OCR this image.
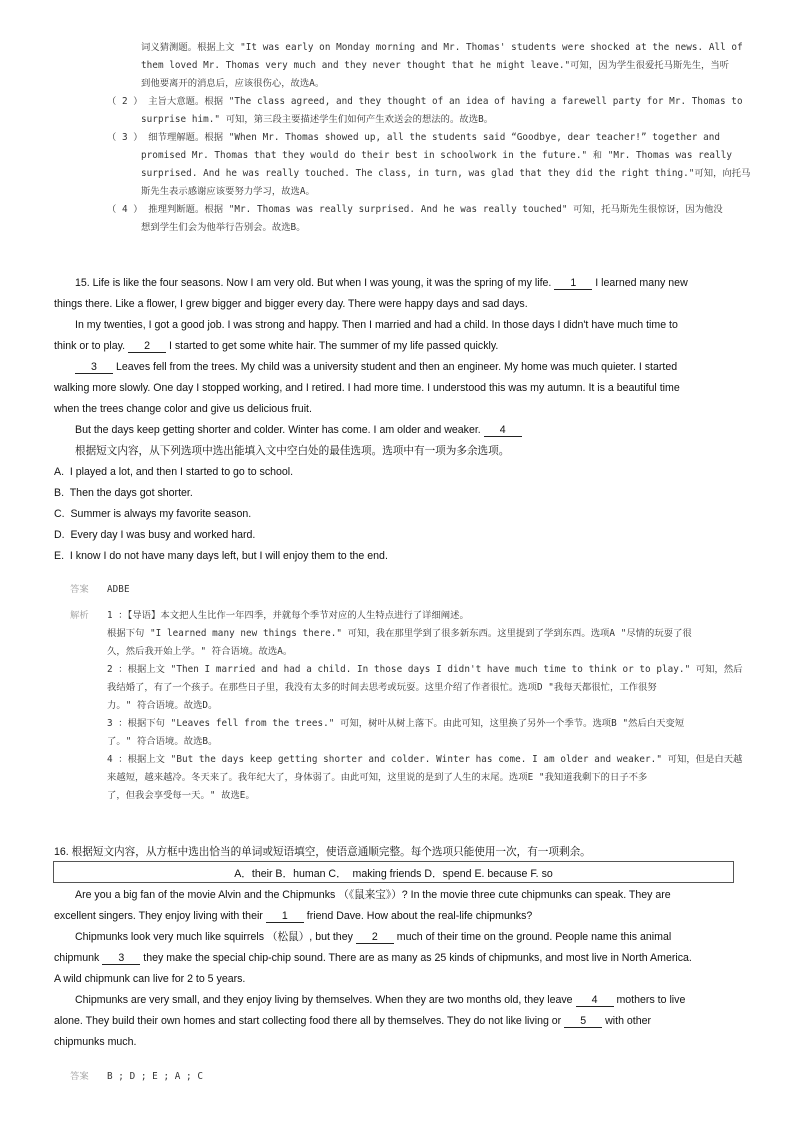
词义猜测题。根据上文 "It was early on Monday morning and Mr. Thomas' students were shocked at the news. All of
them loved Mr. Thomas very much and they never thought that he might leave."可知，因为学生很爱托马斯先生，当听
到他要离开的消息后，应该很伤心，故选A。
（ 2 ） 主旨大意题。根据 "The class agreed, and they thought of an idea of having a farewell party for Mr. Thomas to
surprise him." 可知，第三段主要描述学生们如何产生欢送会的想法的。故选B。
（ 3 ） 细节理解题。根据 "When Mr. Thomas showed up, all the students said “Goodbye, dear teacher!” together and
promised Mr. Thomas that they would do their best in schoolwork in the future." 和 "Mr. Thomas was really
surprised. And he was really touched. The class, in turn, was glad that they did the right thing."可知，向托马
斯先生表示感谢应该要努力学习，故选A。
（ 4 ） 推理判断题。根据 "Mr. Thomas was really surprised. And he was really touched" 可知，托马斯先生很惊讶，因为他没
想到学生们会为他举行告别会。故选B。
15. Life is like the four seasons. Now I am very old. But when I was young, it was the spring of my life. 1 I learned many new
things there. Like a flower, I grew bigger and bigger every day. There were happy days and sad days.
In my twenties, I got a good job. I was strong and happy. Then I married and had a child. In those days I didn't have much time to
think or to play. 2 I started to get some white hair. The summer of my life passed quickly.
3 Leaves fell from the trees. My child was a university student and then an engineer. My home was much quieter. I started
walking more slowly. One day I stopped working, and I retired. I had more time. I understood this was my autumn. It is a beautiful time
when the trees change color and give us delicious fruit.
But the days keep getting shorter and colder. Winter has come. I am older and weaker. 4
根据短文内容，从下列选项中选出能填入文中空白处的最佳选项。选项中有一项为多余选项。
A.  I played a lot, and then I started to go to school.
B.  Then the days got shorter.
C.  Summer is always my favorite season.
D.  Every day I was busy and worked hard.
E.  I know I do not have many days left, but I will enjoy them to the end.
答案 ADBE
解析 1 ：【导语】本文把人生比作一年四季，并就每个季节对应的人生特点进行了详细阐述。
根据下句 "I learned many new things there." 可知，我在那里学到了很多新东西。这里提到了学到东西。选项A "尽情的玩耍了很
久，然后我开始上学。" 符合语境。故选A。
2 ：根据上文 "Then I married and had a child. In those days I didn't have much time to think or to play." 可知，然后
我结婚了，有了一个孩子。在那些日子里，我没有太多的时间去思考或玩耍。这里介绍了作者很忙。选项D "我每天都很忙，工作很努
力。" 符合语境。故选D。
3 ：根据下句 "Leaves fell from the trees." 可知，树叶从树上落下。由此可知，这里换了另外一个季节。选项B "然后白天变短
了。" 符合语境。故选B。
4 ：根据上文 "But the days keep getting shorter and colder. Winter has come. I am older and weaker." 可知，但是白天越
来越短，越来越冷。冬天来了。我年纪大了，身体弱了。由此可知，这里说的是到了人生的末尾。选项E "我知道我剩下的日子不多
了，但我会享受每一天。" 故选E。
16. 根据短文内容，从方框中选出恰当的单词或短语填空，使语意通顺完整。每个选项只能使用一次，有一项剩余。
A．their B．human C．  making friends D．spend E. because F. so
Are you a big fan of the movie Alvin and the Chipmunks （《鼠来宝》）? In the movie three cute chipmunks can speak. They are
excellent singers. They enjoy living with their 1 friend Dave. How about the real-life chipmunks?
Chipmunks look very much like squirrels （松鼠）, but they 2 much of their time on the ground. People name this animal
chipmunk 3 they make the special chip-chip sound. There are as many as 25 kinds of chipmunks, and most live in North America.
A wild chipmunk can live for 2 to 5 years.
Chipmunks are very small, and they enjoy living by themselves. When they are two months old, they leave 4 mothers to live
alone. They build their own homes and start collecting food there all by themselves. They do not like living or 5 with other
chipmunks much.
答案 B ; D ; E ; A ; C
